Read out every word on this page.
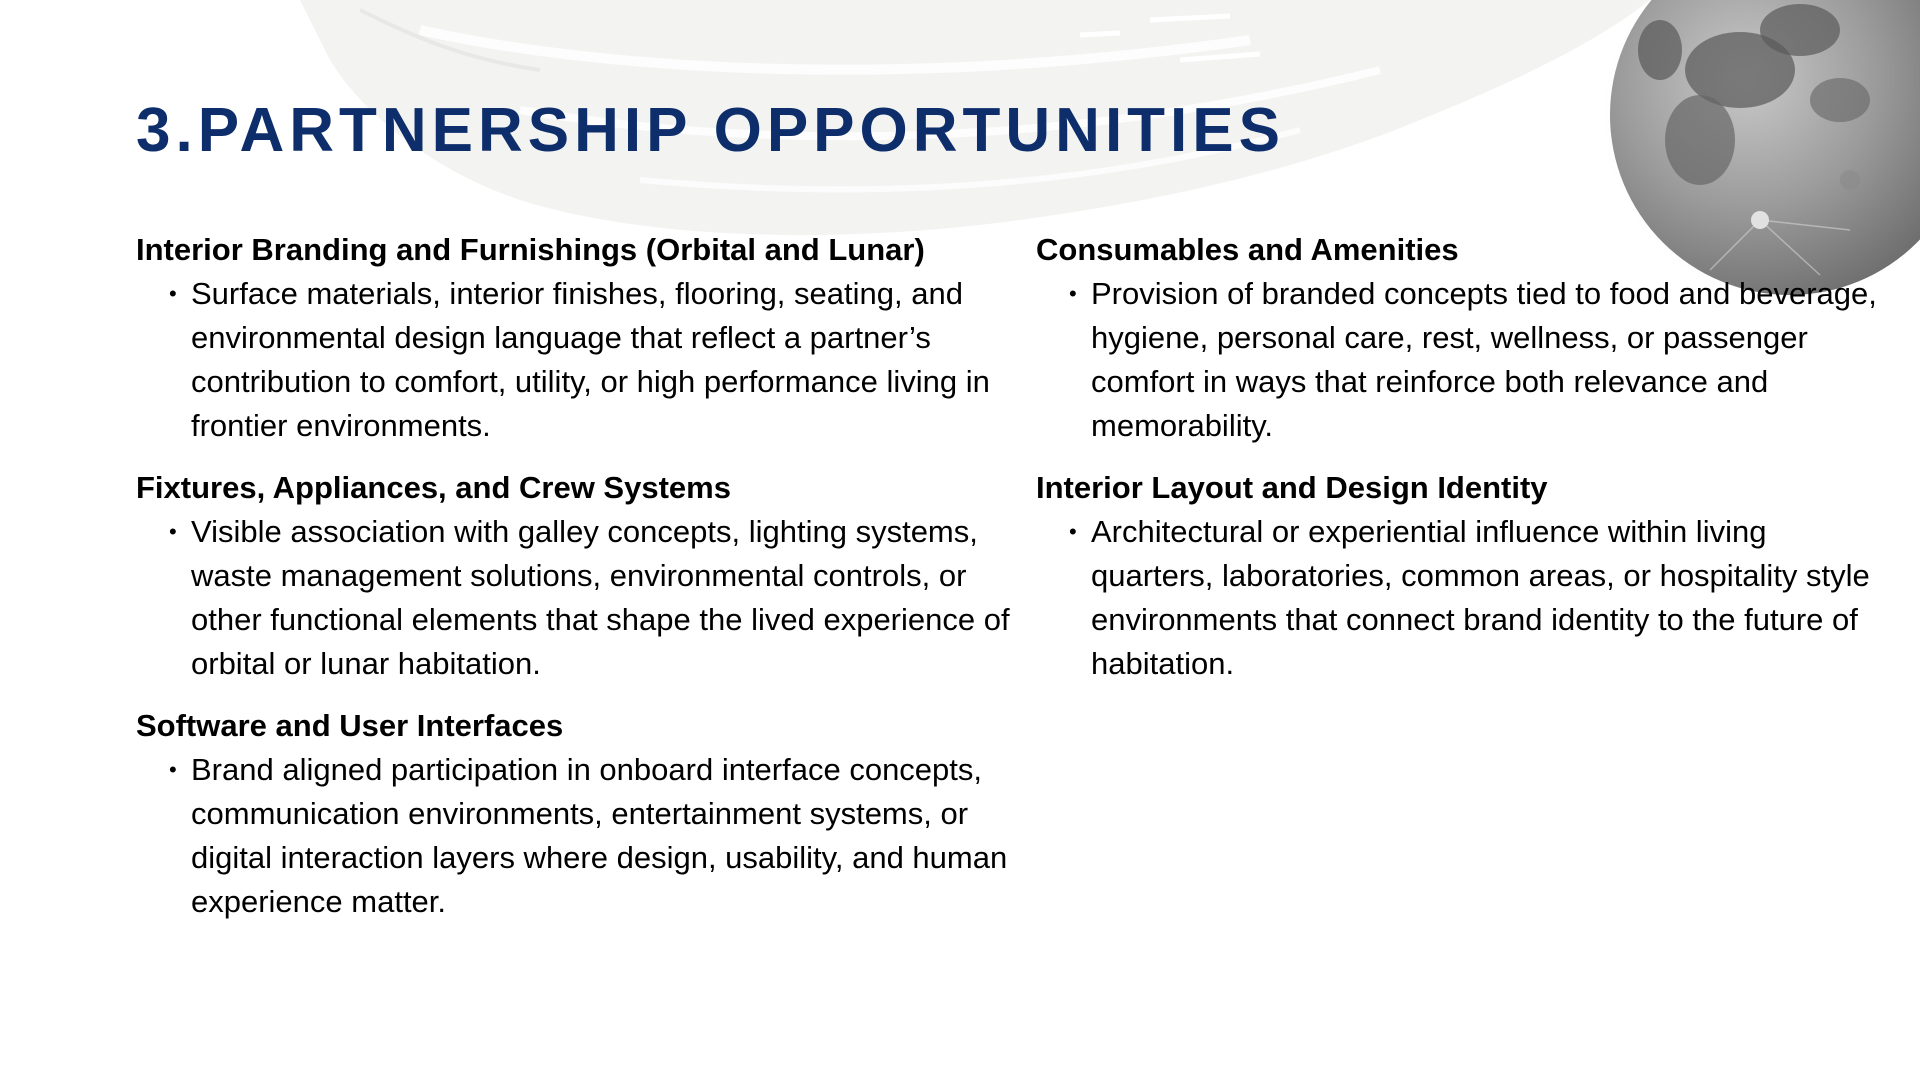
3.PARTNERSHIP OPPORTUNITIES
Interior Branding and Furnishings (Orbital and Lunar)
• Surface materials, interior finishes, flooring, seating, and environmental design language that reflect a partner’s contribution to comfort, utility, or high performance living in frontier environments.
Fixtures, Appliances, and Crew Systems
• Visible association with galley concepts, lighting systems, waste management solutions, environmental controls, or other functional elements that shape the lived experience of orbital or lunar habitation.
Software and User Interfaces
• Brand aligned participation in onboard interface concepts, communication environments, entertainment systems, or digital interaction layers where design, usability, and human experience matter.
Consumables and Amenities
• Provision of branded concepts tied to food and beverage, hygiene, personal care, rest, wellness, or passenger comfort in ways that reinforce both relevance and memorability.
Interior Layout and Design Identity
• Architectural or experiential influence within living quarters, laboratories, common areas, or hospitality style environments that connect brand identity to the future of habitation.
